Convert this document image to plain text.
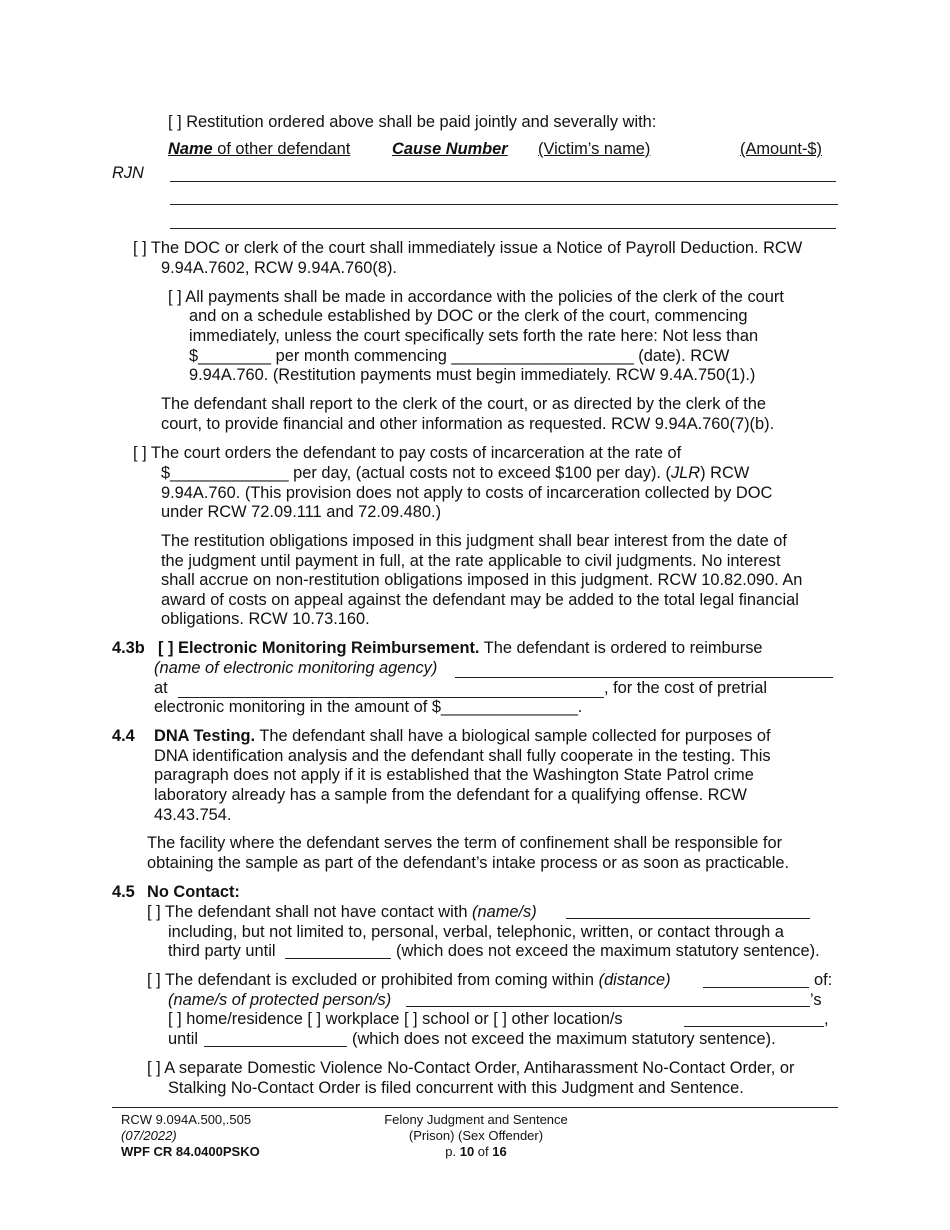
[ ] Restitution ordered above shall be paid jointly and severally with:
Name of other defendant	Cause Number (Victim’s name)	(Amount-$)
RJN
[ ] The DOC or clerk of the court shall immediately issue a Notice of Payroll Deduction. RCW
9.94A.7602, RCW 9.94A.760(8).
[ ] All payments shall be made in accordance with the policies of the clerk of the court
and on a schedule established by DOC or the clerk of the court, commencing
immediately, unless the court specifically sets forth the rate here: Not less than
$________ per month commencing ____________________ (date). RCW
9.94A.760. (Restitution payments must begin immediately. RCW 9.4A.750(1).)
The defendant shall report to the clerk of the court, or as directed by the clerk of the
court, to provide financial and other information as requested. RCW 9.94A.760(7)(b).
[ ] The court orders the defendant to pay costs of incarceration at the rate of
$_____________ per day, (actual costs not to exceed $100 per day). (JLR) RCW
9.94A.760. (This provision does not apply to costs of incarceration collected by DOC
under RCW 72.09.111 and 72.09.480.)
The restitution obligations imposed in this judgment shall bear interest from the date of
the judgment until payment in full, at the rate applicable to civil judgments. No interest
shall accrue on non-restitution obligations imposed in this judgment. RCW 10.82.090. An
award of costs on appeal against the defendant may be added to the total legal financial
obligations. RCW 10.73.160.
4.3b [ ] Electronic Monitoring Reimbursement. The defendant is ordered to reimburse
(name of electronic monitoring agency)
at	, for the cost of pretrial
electronic monitoring in the amount of $_______________.
4.4 DNA Testing. The defendant shall have a biological sample collected for purposes of
DNA identification analysis and the defendant shall fully cooperate in the testing. This
paragraph does not apply if it is established that the Washington State Patrol crime
laboratory already has a sample from the defendant for a qualifying offense. RCW
43.43.754.
The facility where the defendant serves the term of confinement shall be responsible for
obtaining the sample as part of the defendant’s intake process or as soon as practicable.
4.5 No Contact:
[ ] The defendant shall not have contact with (name/s)
including, but not limited to, personal, verbal, telephonic, written, or contact through a
third party until	(which does not exceed the maximum statutory sentence).
[ ] The defendant is excluded or prohibited from coming within (distance)	of:
(name/s of protected person/s)	’s
[ ] home/residence [ ] workplace [ ] school or [ ] other location/s	,
until	(which does not exceed the maximum statutory sentence).
[ ] A separate Domestic Violence No-Contact Order, Antiharassment No-Contact Order, or
Stalking No-Contact Order is filed concurrent with this Judgment and Sentence.
RCW 9.094A.500,.505
(07/2022)
WPF CR 84.0400PSKO
Felony Judgment and Sentence
(Prison) (Sex Offender)
p. 10 of 16
